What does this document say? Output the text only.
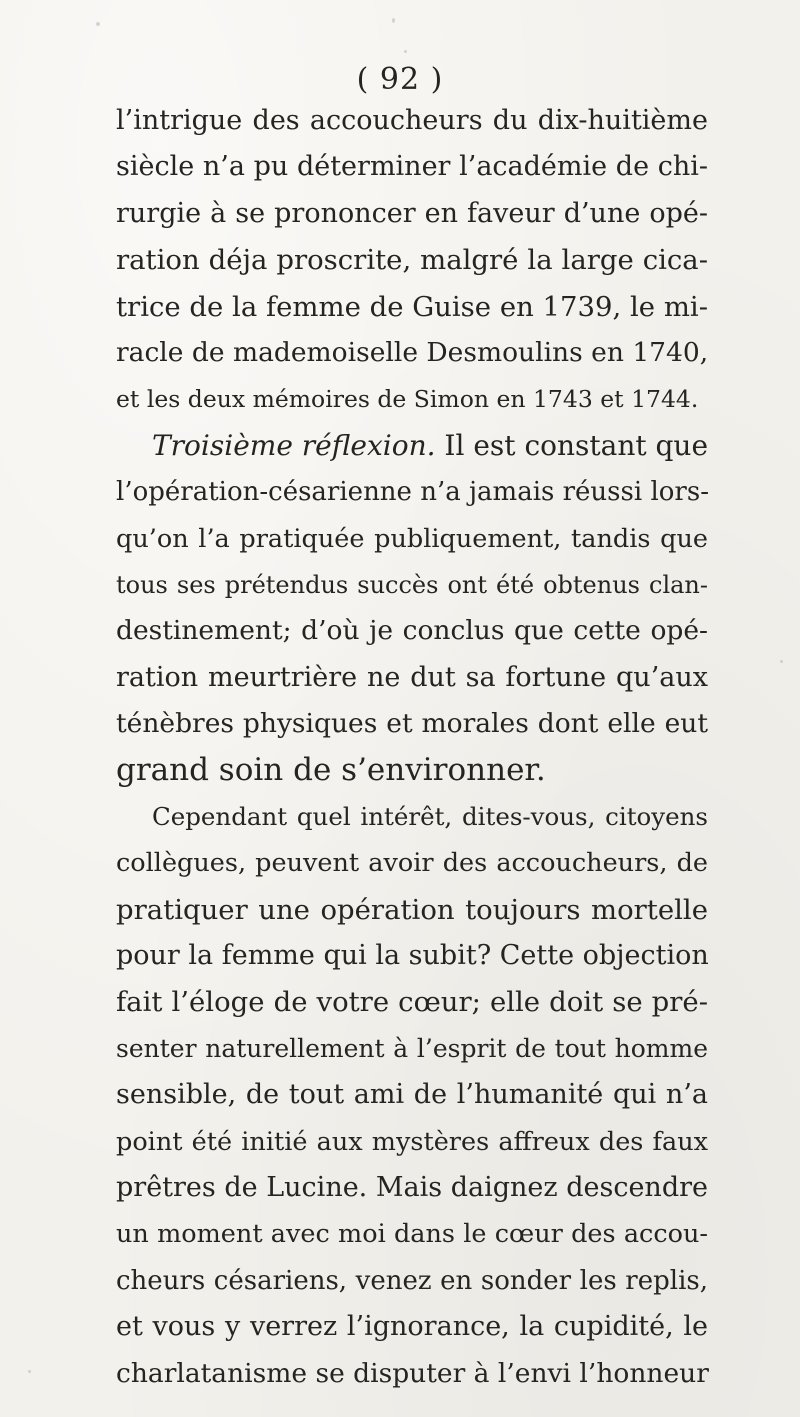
( 92 )
l’intrigue des accoucheurs du dix-huitième
siècle n’a pu déterminer l’académie de chi-
rurgie à se prononcer en faveur d’une opé-
ration déja proscrite, malgré la large cica-
trice de la femme de Guise en 1739, le mi-
racle de mademoiselle Desmoulins en 1740,
et les deux mémoires de Simon en 1743 et 1744.
Troisième réflexion. Il est constant que
l’opération-césarienne n’a jamais réussi lors-
qu’on l’a pratiquée publiquement, tandis que
tous ses prétendus succès ont été obtenus clan-
destinement; d’où je conclus que cette opé-
ration meurtrière ne dut sa fortune qu’aux
ténèbres physiques et morales dont elle eut
grand soin de s’environner.
Cependant quel intérêt, dites-vous, citoyens
collègues, peuvent avoir des accoucheurs, de
pratiquer une opération toujours mortelle
pour la femme qui la subit? Cette objection
fait l’éloge de votre cœur; elle doit se pré-
senter naturellement à l’esprit de tout homme
sensible, de tout ami de l’humanité qui n’a
point été initié aux mystères affreux des faux
prêtres de Lucine. Mais daignez descendre
un moment avec moi dans le cœur des accou-
cheurs césariens, venez en sonder les replis,
et vous y verrez l’ignorance, la cupidité, le
charlatanisme se disputer à l’envi l’honneur
